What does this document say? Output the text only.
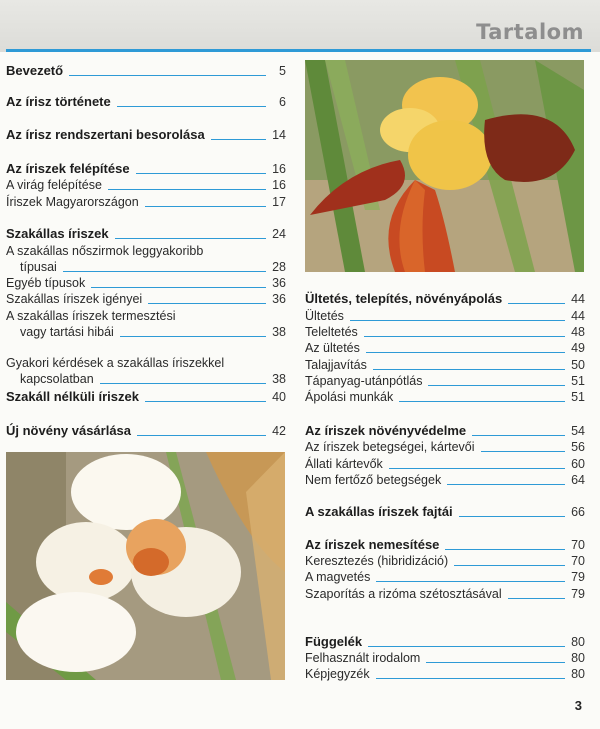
Tartalom
Bevezető	5
Az írisz története	6
Az írisz rendszertani besorolása	14
Az íriszek felépítése	16
A virág felépítése	16
Íriszek Magyarországon	17
Szakállas íriszek	24
A szakállas nőszirmok leggyakoribb
típusai	28
Egyéb típusok	36
Szakállas íriszek igényei	36
A szakállas íriszek termesztési
vagy tartási hibái	38
Gyakori kérdések a szakállas íriszekkel
kapcsolatban	38
Szakáll nélküli íriszek	40
Új növény vásárlása	42
Ültetés, telepítés, növényápolás	44
Ültetés	44
Teleltetés	48
Az ültetés	49
Talajjavítás	50
Tápanyag-utánpótlás	51
Ápolási munkák	51
Az íriszek növényvédelme	54
Az íriszek betegségei, kártevői	56
Állati kártevők	60
Nem fertőző betegségek	64
A szakállas íriszek fajtái	66
Az íriszek nemesítése	70
Keresztezés (hibridizáció)	70
A magvetés	79
Szaporítás a rizóma szétosztásával	79
Függelék	80
Felhasznált irodalom	80
Képjegyzék	80
3
